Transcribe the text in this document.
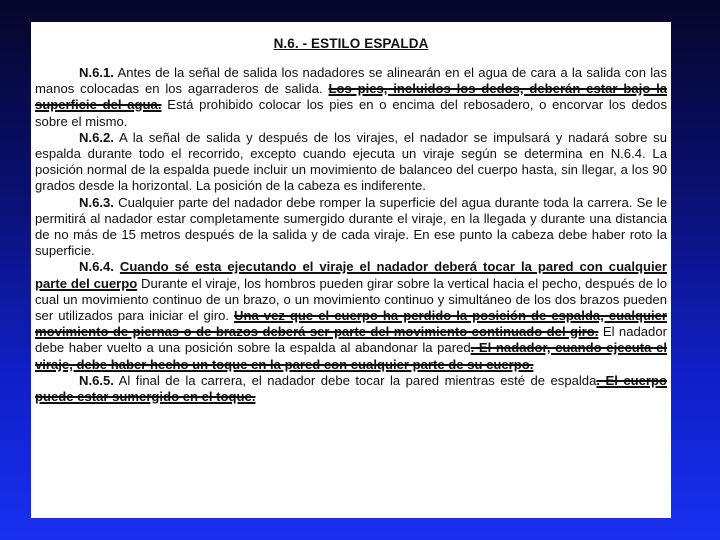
N.6. - ESTILO ESPALDA

N.6.1. Antes de la señal de salida los nadadores se alinearán en el agua de cara a la salida con las manos colocadas en los agarraderos de salida. Los pies, incluidos los dedos, deberán estar bajo la superficie del agua. Está prohibido colocar los pies en o encima del rebosadero, o encorvar los dedos sobre el mismo.

N.6.2. A la señal de salida y después de los virajes, el nadador se impulsará y nadará sobre su espalda durante todo el recorrido, excepto cuando ejecuta un viraje según se determina en N.6.4. La posición normal de la espalda puede incluir un movimiento de balanceo del cuerpo hasta, sin llegar, a los 90 grados desde la horizontal. La posición de la cabeza es indiferente.

N.6.3. Cualquier parte del nadador debe romper la superficie del agua durante toda la carrera. Se le permitirá al nadador estar completamente sumergido durante el viraje, en la llegada y durante una distancia de no más de 15 metros después de la salida y de cada viraje. En ese punto la cabeza debe haber roto la superficie.

N.6.4. Cuando sé esta ejecutando el viraje el nadador deberá tocar la pared con cualquier parte del cuerpo Durante el viraje, los hombros pueden girar sobre la vertical hacia el pecho, después de lo cual un movimiento continuo de un brazo, o un movimiento continuo y simultáneo de los dos brazos pueden ser utilizados para iniciar el giro. Una vez que el cuerpo ha perdido la posición de espalda, cualquier movimiento de piernas o de brazos deberá ser parte del movimiento continuado del giro. El nadador debe haber vuelto a una posición sobre la espalda al abandonar la pared. El nadador, cuando ejecuta el viraje, debe haber hecho un toque en la pared con cualquier parte de su cuerpo.

N.6.5. Al final de la carrera, el nadador debe tocar la pared mientras esté de espalda. El cuerpo puede estar sumergido en el toque.
